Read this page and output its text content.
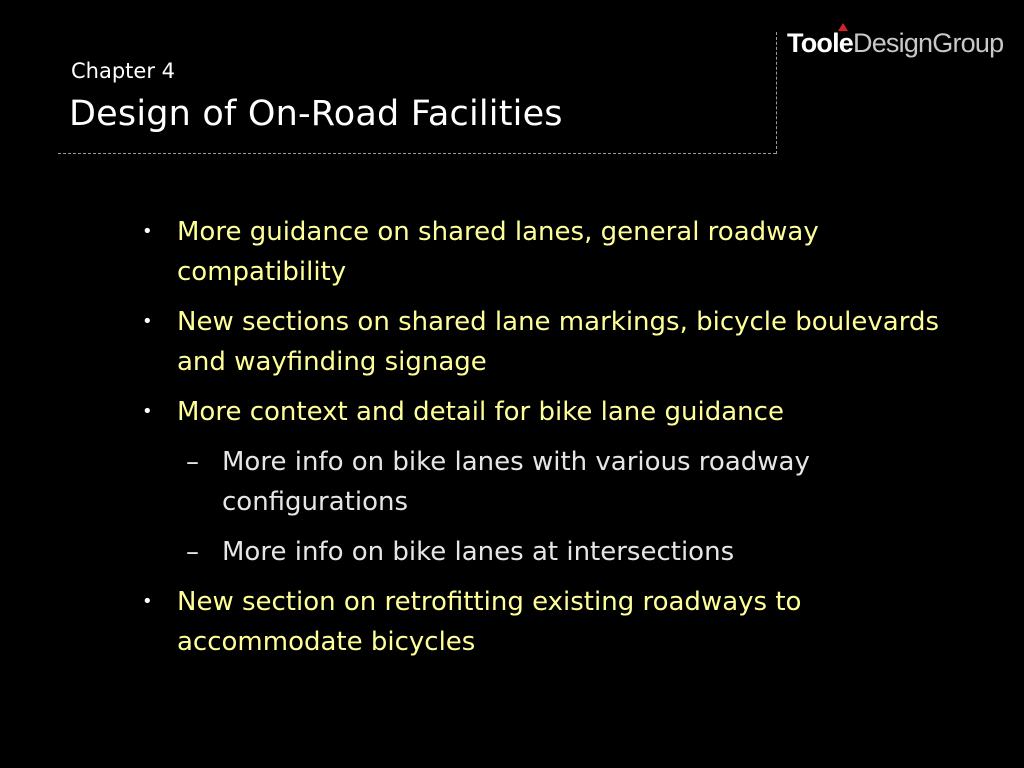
Chapter 4
Design of On-Road Facilities
TooleDesignGroup
• More guidance on shared lanes, general roadway compatibility
• New sections on shared lane markings, bicycle boulevards and wayfinding signage
• More context and detail for bike lane guidance
– More info on bike lanes with various roadway configurations
– More info on bike lanes at intersections
• New section on retrofitting existing roadways to accommodate bicycles
